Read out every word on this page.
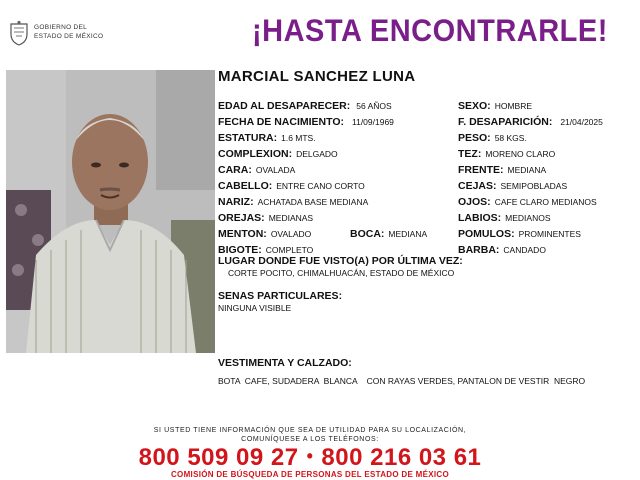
GOBIERNO DEL
ESTADO DE MÉXICO	¡HASTA ENCONTRARLE!
MARCIAL SANCHEZ LUNA
EDAD AL DESAPARECER: 56 AÑOS
FECHA DE NACIMIENTO: 11/09/1969
ESTATURA: 1.6 MTS.
COMPLEXION: DELGADO
CARA: OVALADA
CABELLO: ENTRE CANO CORTO
NARIZ: ACHATADA BASE MEDIANA
OREJAS: MEDIANAS
MENTON: OVALADO	BOCA: MEDIANA
BIGOTE: COMPLETO
SEXO: HOMBRE
F. DESAPARICIÓN: 21/04/2025
PESO: 58 KGS.
TEZ: MORENO CLARO
FRENTE: MEDIANA
CEJAS: SEMIPOBLADAS
OJOS: CAFE CLARO MEDIANOS
LABIOS: MEDIANOS
POMULOS: PROMINENTES
BARBA: CANDADO
LUGAR DONDE FUE VISTO(A) POR ÚLTIMA VEZ:
CORTE POCITO, CHIMALHUACÁN, ESTADO DE MÉXICO
SENAS PARTICULARES:
NINGUNA VISIBLE
VESTIMENTA Y CALZADO:
BOTA  CAFE, SUDADERA  BLANCA    CON RAYAS VERDES, PANTALON DE VESTIR  NEGRO
SI USTED TIENE INFORMACIÓN QUE SEA DE UTILIDAD PARA SU LOCALIZACIÓN,
COMUNÍQUESE A LOS TELÉFONOS:
800 509 09 27 • 800 216 03 61
COMISIÓN DE BÚSQUEDA DE PERSONAS DEL ESTADO DE MÉXICO
